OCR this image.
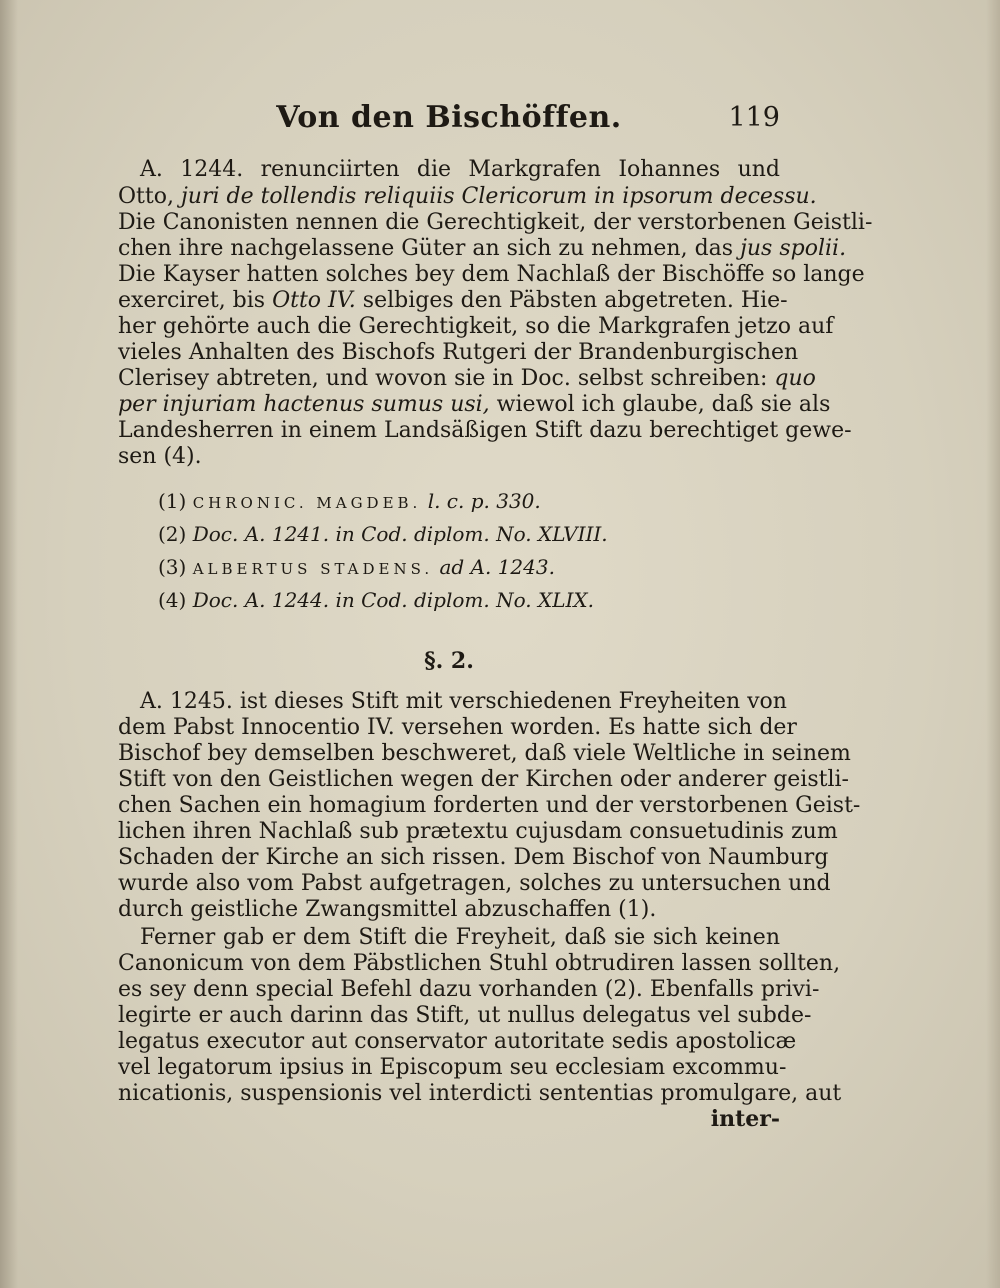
Von den Bischöffen.	119
A. 1244. renunciirten die Markgrafen Iohannes und
Otto, juri de tollendis reliquiis Clericorum in ipsorum decessu.
Die Canonisten nennen die Gerechtigkeit, der verstorbenen Geistli-
chen ihre nachgelassene Güter an sich zu nehmen, das jus spolii.
Die Kayser hatten solches bey dem Nachlaß der Bischöffe so lange
exerciret, bis Otto IV. selbiges den Päbsten abgetreten. Hie-
her gehörte auch die Gerechtigkeit, so die Markgrafen jetzo auf
vieles Anhalten des Bischofs Rutgeri der Brandenburgischen
Clerisey abtreten, und wovon sie in Doc. selbst schreiben: quo
per injuriam hactenus sumus usi, wiewol ich glaube, daß sie als
Landesherren in einem Landsäßigen Stift dazu berechtiget gewe-
sen (4).
(1) CHRONIC. MAGDEB. l. c. p. 330.
(2) Doc. A. 1241. in Cod. diplom. No. XLVIII.
(3) ALBERTUS STADENS. ad A. 1243.
(4) Doc. A. 1244. in Cod. diplom. No. XLIX.
§. 2.
A. 1245. ist dieses Stift mit verschiedenen Freyheiten von
dem Pabst Innocentio IV. versehen worden. Es hatte sich der
Bischof bey demselben beschweret, daß viele Weltliche in seinem
Stift von den Geistlichen wegen der Kirchen oder anderer geistli-
chen Sachen ein homagium forderten und der verstorbenen Geist-
lichen ihren Nachlaß sub prætextu cujusdam consuetudinis zum
Schaden der Kirche an sich rissen. Dem Bischof von Naumburg
wurde also vom Pabst aufgetragen, solches zu untersuchen und
durch geistliche Zwangsmittel abzuschaffen (1).
Ferner gab er dem Stift die Freyheit, daß sie sich keinen
Canonicum von dem Päbstlichen Stuhl obtrudiren lassen sollten,
es sey denn special Befehl dazu vorhanden (2). Ebenfalls privi-
legirte er auch darinn das Stift, ut nullus delegatus vel subde-
legatus executor aut conservator autoritate sedis apostolicæ
vel legatorum ipsius in Episcopum seu ecclesiam excommu-
nicationis, suspensionis vel interdicti sententias promulgare, aut
inter-
